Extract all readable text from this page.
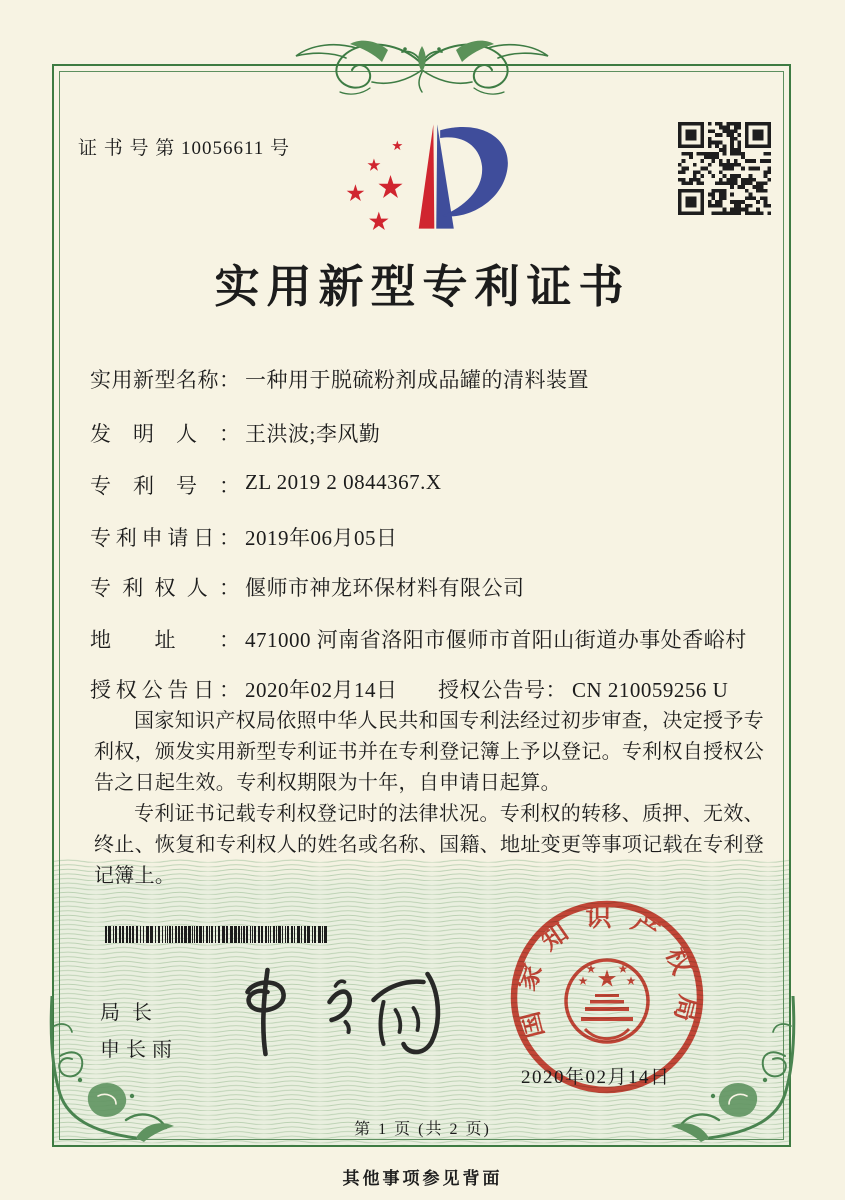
证 书 号 第 10056611 号
实用新型专利证书
实用新型名称： 一种用于脱硫粉剂成品罐的清料装置
发明人： 王洪波;李风勤
专利号： ZL 2019 2 0844367.X
专利申请日： 2019年06月05日
专利权人： 偃师市神龙环保材料有限公司
地址： 471000 河南省洛阳市偃师市首阳山街道办事处香峪村
授权公告日： 2020年02月14日 授权公告号： CN 210059256 U

国家知识产权局依照中华人民共和国专利法经过初步审查，决定授予专利权，颁发实用新型专利证书并在专利登记簿上予以登记。专利权自授权公告之日起生效。专利权期限为十年，自申请日起算。

专利证书记载专利权登记时的法律状况。专利权的转移、质押、无效、终止、恢复和专利权人的姓名或名称、国籍、地址变更等事项记载在专利登记簿上。

局长
申长雨
国家知识产权局
2020年02月14日
第 1 页 (共 2 页)
其他事项参见背面
